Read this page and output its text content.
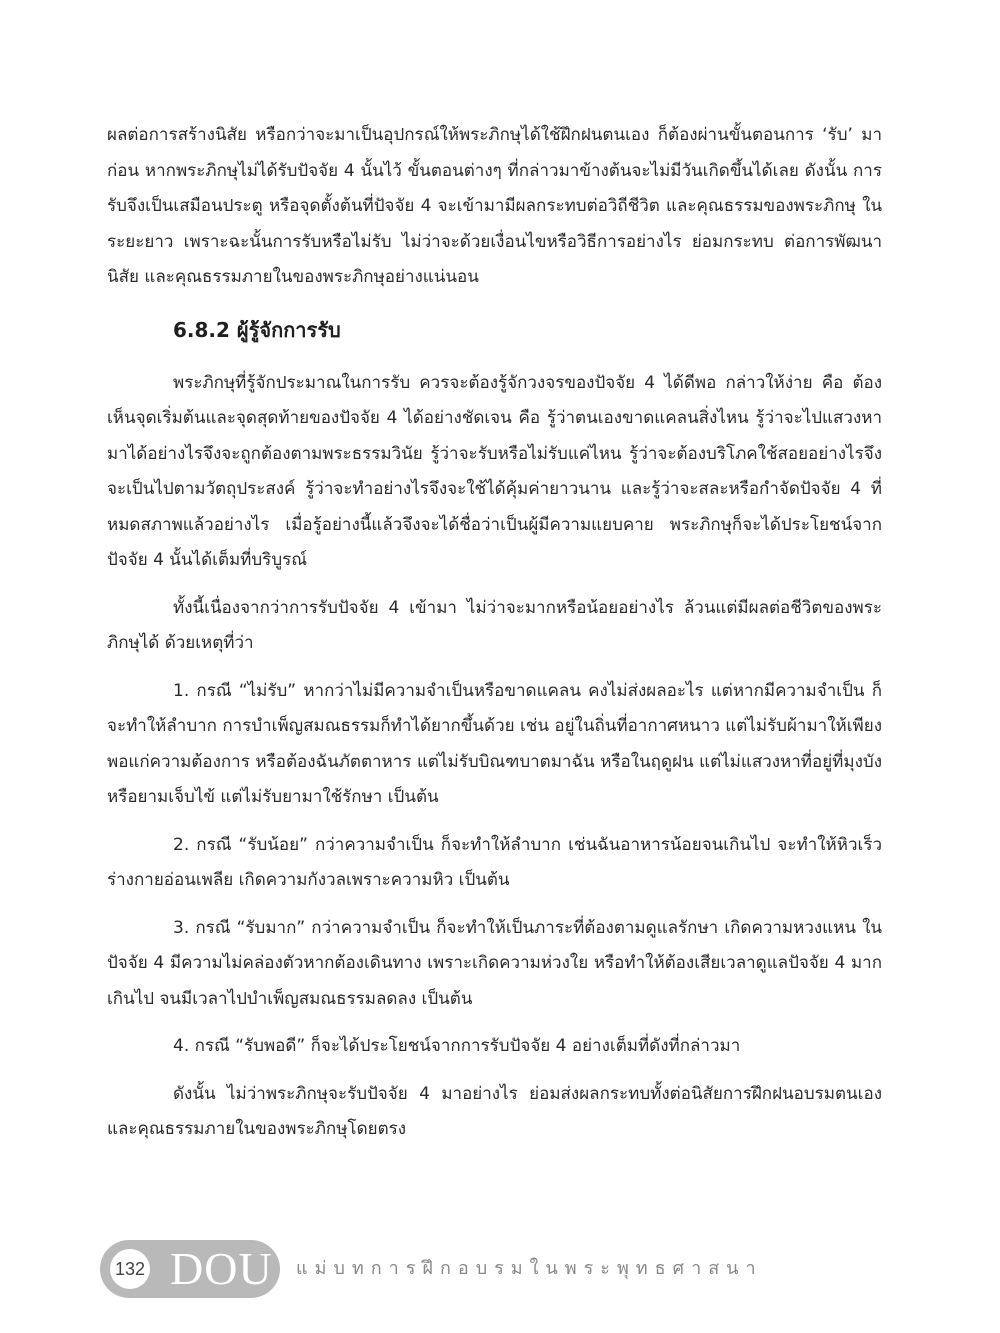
ผลต่อการสร้างนิสัย หรือกว่าจะมาเป็นอุปกรณ์ให้พระภิกษุได้ใช้ฝึกฝนตนเอง ก็ต้องผ่านขั้นตอนการ ‘รับ’ มาก่อน หากพระภิกษุไม่ได้รับปัจจัย 4 นั้นไว้ ขั้นตอนต่างๆ ที่กล่าวมาข้างต้นจะไม่มีวันเกิดขึ้นได้เลย ดังนั้น การรับจึงเป็นเสมือนประตู หรือจุดตั้งต้นที่ปัจจัย 4 จะเข้ามามีผลกระทบต่อวิถีชีวิต และคุณธรรมของพระภิกษุ ในระยะยาว เพราะฉะนั้นการรับหรือไม่รับ ไม่ว่าจะด้วยเงื่อนไขหรือวิธีการอย่างไร ย่อมกระทบ ต่อการพัฒนา นิสัย และคุณธรรมภายในของพระภิกษุอย่างแน่นอน

6.8.2 ผู้รู้จักการรับ

พระภิกษุที่รู้จักประมาณในการรับ ควรจะต้องรู้จักวงจรของปัจจัย 4 ได้ดีพอ กล่าวให้ง่าย คือ ต้องเห็นจุดเริ่มต้นและจุดสุดท้ายของปัจจัย 4 ได้อย่างชัดเจน คือ รู้ว่าตนเองขาดแคลนสิ่งไหน รู้ว่าจะไปแสวงหามาได้อย่างไรจึงจะถูกต้องตามพระธรรมวินัย รู้ว่าจะรับหรือไม่รับแค่ไหน รู้ว่าจะต้องบริโภคใช้สอยอย่างไรจึงจะเป็นไปตามวัตถุประสงค์ รู้ว่าจะทำอย่างไรจึงจะใช้ได้คุ้มค่ายาวนาน และรู้ว่าจะสละหรือกำจัดปัจจัย 4 ที่หมดสภาพแล้วอย่างไร เมื่อรู้อย่างนี้แล้วจึงจะได้ชื่อว่าเป็นผู้มีความแยบคาย พระภิกษุก็จะได้ประโยชน์จากปัจจัย 4 นั้นได้เต็มที่บริบูรณ์

ทั้งนี้เนื่องจากว่าการรับปัจจัย 4 เข้ามา ไม่ว่าจะมากหรือน้อยอย่างไร ล้วนแต่มีผลต่อชีวิตของพระภิกษุได้ ด้วยเหตุที่ว่า

1. กรณี “ไม่รับ” หากว่าไม่มีความจำเป็นหรือขาดแคลน คงไม่ส่งผลอะไร แต่หากมีความจำเป็น ก็จะทำให้ลำบาก การบำเพ็ญสมณธรรมก็ทำได้ยากขึ้นด้วย เช่น อยู่ในถิ่นที่อากาศหนาว แต่ไม่รับผ้ามาให้เพียงพอแก่ความต้องการ หรือต้องฉันภัตตาหาร แต่ไม่รับบิณฑบาตมาฉัน หรือในฤดูฝน แต่ไม่แสวงหาที่อยู่ที่มุงบัง หรือยามเจ็บไข้ แต่ไม่รับยามาใช้รักษา เป็นต้น

2. กรณี “รับน้อย” กว่าความจำเป็น ก็จะทำให้ลำบาก เช่นฉันอาหารน้อยจนเกินไป จะทำให้หิวเร็ว ร่างกายอ่อนเพลีย เกิดความกังวลเพราะความหิว เป็นต้น

3. กรณี “รับมาก” กว่าความจำเป็น ก็จะทำให้เป็นภาระที่ต้องตามดูแลรักษา เกิดความหวงแหน ในปัจจัย 4 มีความไม่คล่องตัวหากต้องเดินทาง เพราะเกิดความห่วงใย หรือทำให้ต้องเสียเวลาดูแลปัจจัย 4 มากเกินไป จนมีเวลาไปบำเพ็ญสมณธรรมลดลง เป็นต้น

4. กรณี “รับพอดี” ก็จะได้ประโยชน์จากการรับปัจจัย 4 อย่างเต็มที่ดังที่กล่าวมา

ดังนั้น ไม่ว่าพระภิกษุจะรับปัจจัย 4 มาอย่างไร ย่อมส่งผลกระทบทั้งต่อนิสัยการฝึกฝนอบรมตนเอง และคุณธรรมภายในของพระภิกษุโดยตรง

132 DOU แม่บทการฝึกอบรมในพระพุทธศาสนา
